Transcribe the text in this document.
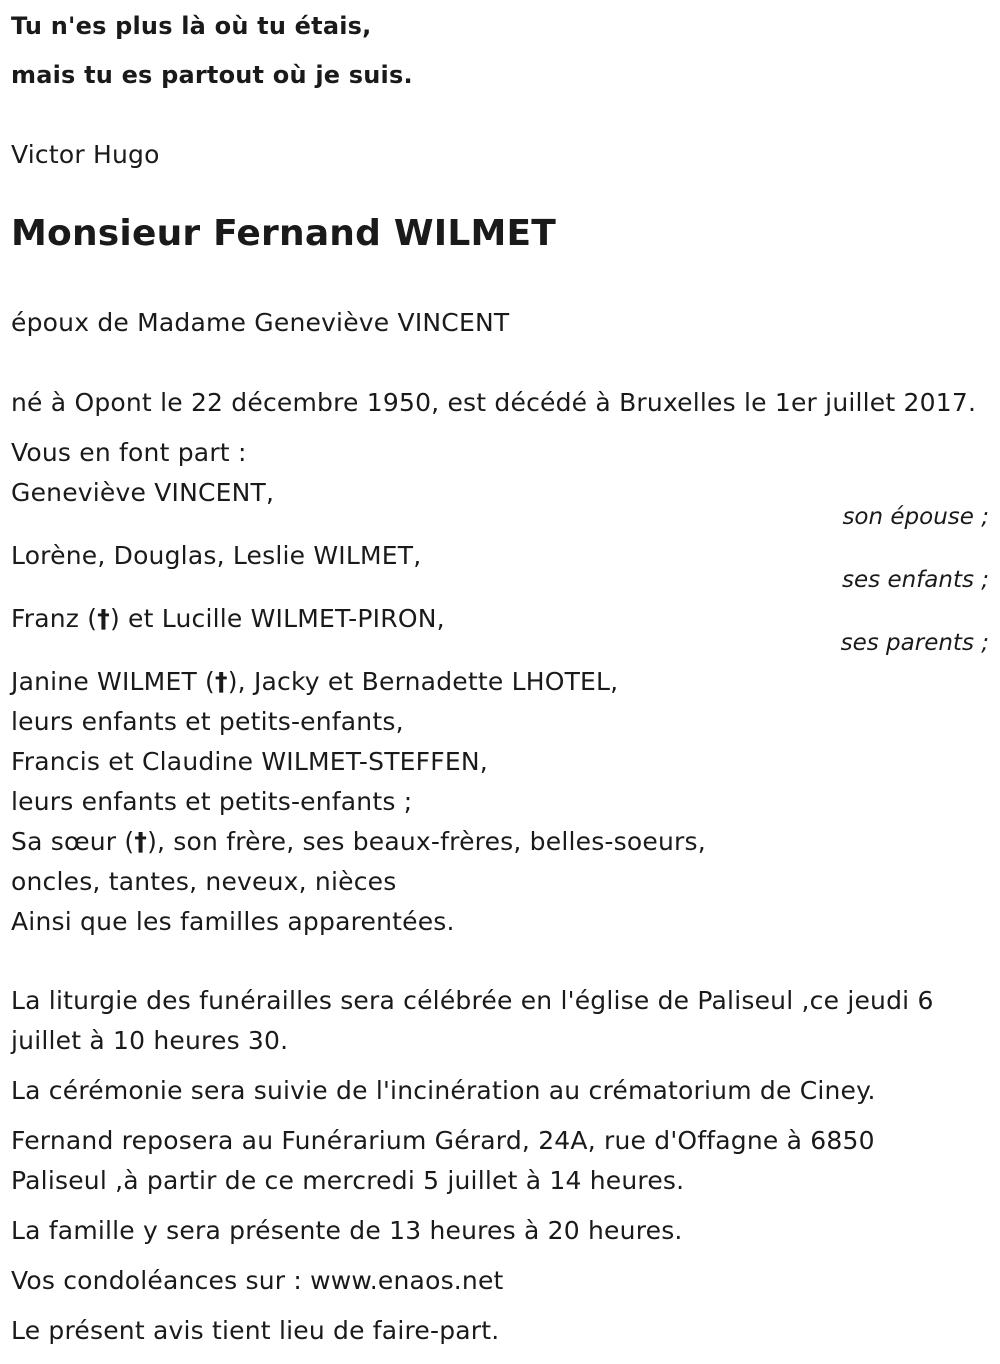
Tu n'es plus là où tu étais,
mais tu es partout où je suis.
Victor Hugo
Monsieur Fernand WILMET
époux de Madame Geneviève VINCENT
né à Opont le 22 décembre 1950, est décédé à Bruxelles le 1er juillet 2017.
Vous en font part :
Geneviève VINCENT,
son épouse ;
Lorène, Douglas, Leslie WILMET,
ses enfants ;
Franz (†) et Lucille WILMET-PIRON,
ses parents ;
Janine WILMET (†), Jacky et Bernadette LHOTEL,
leurs enfants et petits-enfants,
Francis et Claudine WILMET-STEFFEN,
leurs enfants et petits-enfants ;
Sa sœur (†), son frère, ses beaux-frères, belles-soeurs,
oncles, tantes, neveux, nièces
Ainsi que les familles apparentées.
La liturgie des funérailles sera célébrée en l'église de Paliseul ,ce jeudi 6
juillet à 10 heures 30.
La cérémonie sera suivie de l'incinération au crématorium de Ciney.
Fernand reposera au Funérarium Gérard, 24A, rue d'Offagne à 6850
Paliseul ,à partir de ce mercredi 5 juillet à 14 heures.
La famille y sera présente de 13 heures à 20 heures.
Vos condoléances sur : www.enaos.net
Le présent avis tient lieu de faire-part.
